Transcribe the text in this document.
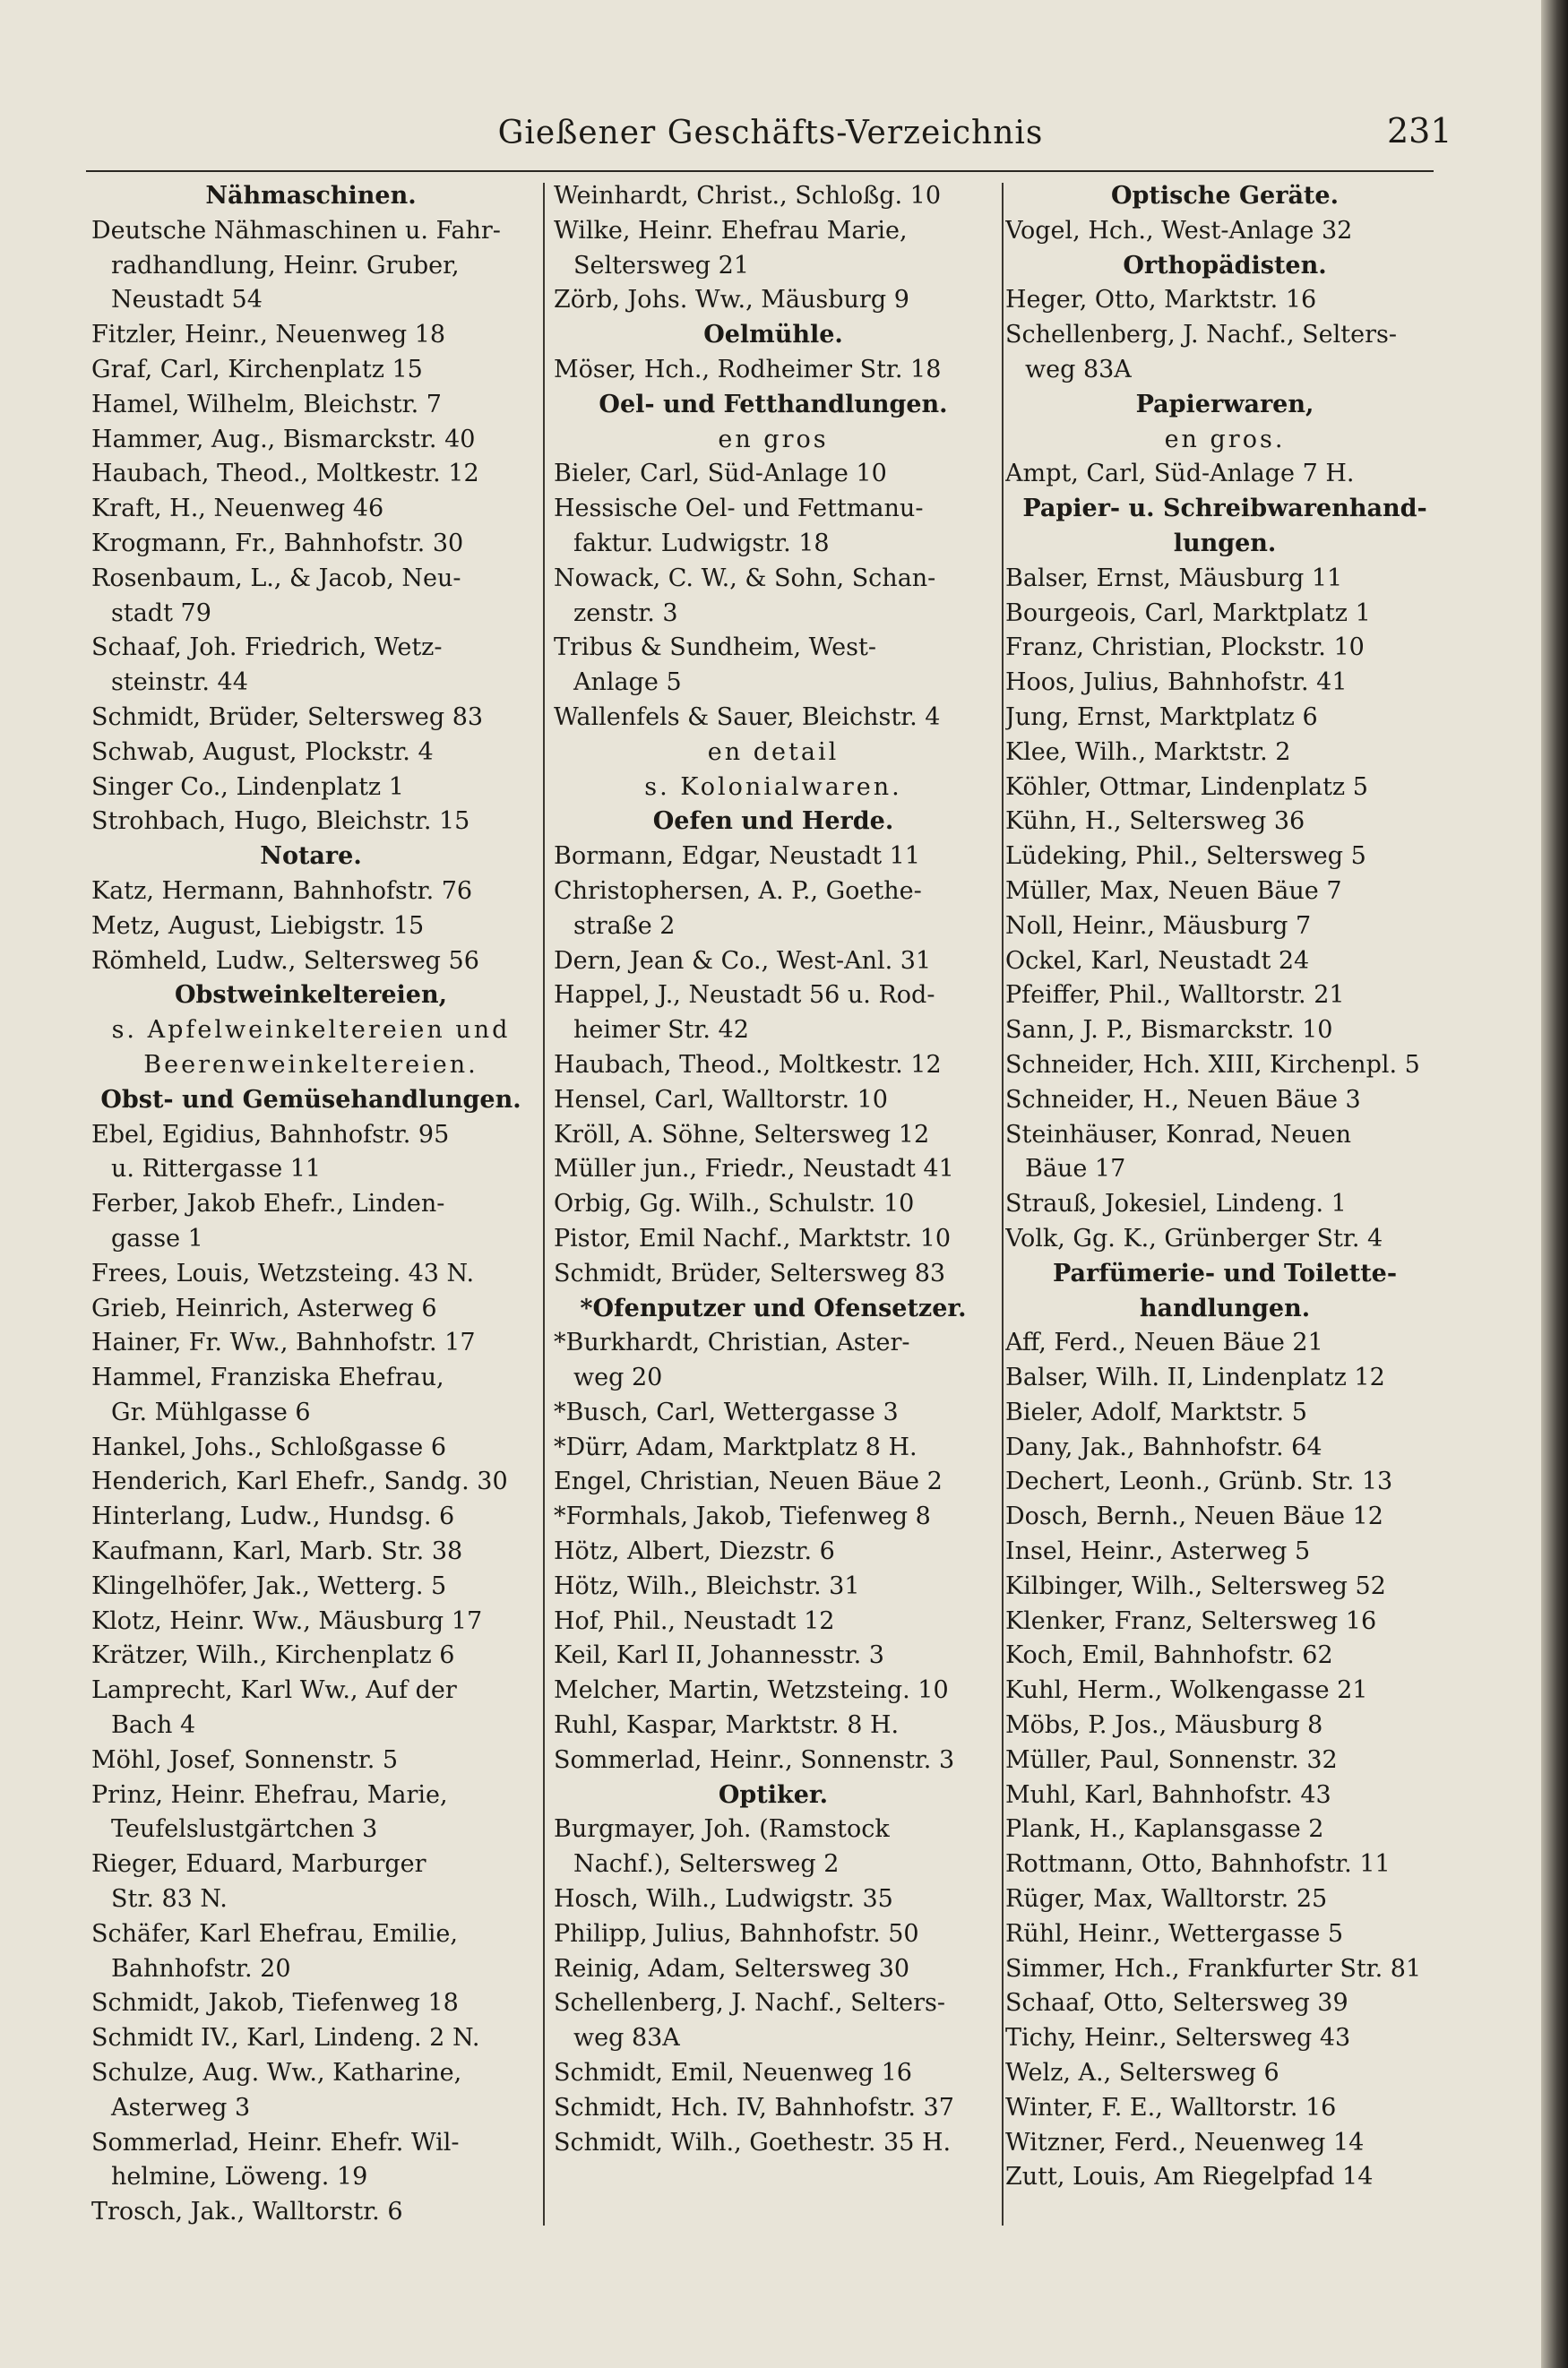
Gießener Geschäfts-Verzeichnis	231
Nähmaschinen.
Deutsche Nähmaschinen u. Fahr-
radhandlung, Heinr. Gruber,
Neustadt 54
Fitzler, Heinr., Neuenweg 18
Graf, Carl, Kirchenplatz 15
Hamel, Wilhelm, Bleichstr. 7
Hammer, Aug., Bismarckstr. 40
Haubach, Theod., Moltkestr. 12
Kraft, H., Neuenweg 46
Krogmann, Fr., Bahnhofstr. 30
Rosenbaum, L., & Jacob, Neu-
stadt 79
Schaaf, Joh. Friedrich, Wetz-
steinstr. 44
Schmidt, Brüder, Seltersweg 83
Schwab, August, Plockstr. 4
Singer Co., Lindenplatz 1
Strohbach, Hugo, Bleichstr. 15
Notare.
Katz, Hermann, Bahnhofstr. 76
Metz, August, Liebigstr. 15
Römheld, Ludw., Seltersweg 56
Obstweinkeltereien,
s. Apfelweinkeltereien und
Beerenweinkeltereien.
Obst- und Gemüsehandlungen.
Ebel, Egidius, Bahnhofstr. 95
u. Rittergasse 11
Ferber, Jakob Ehefr., Linden-
gasse 1
Frees, Louis, Wetzsteing. 43 N.
Grieb, Heinrich, Asterweg 6
Hainer, Fr. Ww., Bahnhofstr. 17
Hammel, Franziska Ehefrau,
Gr. Mühlgasse 6
Hankel, Johs., Schloßgasse 6
Henderich, Karl Ehefr., Sandg. 30
Hinterlang, Ludw., Hundsg. 6
Kaufmann, Karl, Marb. Str. 38
Klingelhöfer, Jak., Wetterg. 5
Klotz, Heinr. Ww., Mäusburg 17
Krätzer, Wilh., Kirchenplatz 6
Lamprecht, Karl Ww., Auf der
Bach 4
Möhl, Josef, Sonnenstr. 5
Prinz, Heinr. Ehefrau, Marie,
Teufelslustgärtchen 3
Rieger, Eduard, Marburger
Str. 83 N.
Schäfer, Karl Ehefrau, Emilie,
Bahnhofstr. 20
Schmidt, Jakob, Tiefenweg 18
Schmidt IV., Karl, Lindeng. 2 N.
Schulze, Aug. Ww., Katharine,
Asterweg 3
Sommerlad, Heinr. Ehefr. Wil-
helmine, Löweng. 19
Trosch, Jak., Walltorstr. 6
Weinhardt, Christ., Schloßg. 10
Wilke, Heinr. Ehefrau Marie,
Seltersweg 21
Zörb, Johs. Ww., Mäusburg 9
Oelmühle.
Möser, Hch., Rodheimer Str. 18
Oel- und Fetthandlungen.
en gros
Bieler, Carl, Süd-Anlage 10
Hessische Oel- und Fettmanu-
faktur. Ludwigstr. 18
Nowack, C. W., & Sohn, Schan-
zenstr. 3
Tribus & Sundheim, West-
Anlage 5
Wallenfels & Sauer, Bleichstr. 4
en detail
s. Kolonialwaren.
Oefen und Herde.
Bormann, Edgar, Neustadt 11
Christophersen, A. P., Goethe-
straße 2
Dern, Jean & Co., West-Anl. 31
Happel, J., Neustadt 56 u. Rod-
heimer Str. 42
Haubach, Theod., Moltkestr. 12
Hensel, Carl, Walltorstr. 10
Kröll, A. Söhne, Seltersweg 12
Müller jun., Friedr., Neustadt 41
Orbig, Gg. Wilh., Schulstr. 10
Pistor, Emil Nachf., Marktstr. 10
Schmidt, Brüder, Seltersweg 83
*Ofenputzer und Ofensetzer.
*Burkhardt, Christian, Aster-
weg 20
*Busch, Carl, Wettergasse 3
*Dürr, Adam, Marktplatz 8 H.
Engel, Christian, Neuen Bäue 2
*Formhals, Jakob, Tiefenweg 8
Hötz, Albert, Diezstr. 6
Hötz, Wilh., Bleichstr. 31
Hof, Phil., Neustadt 12
Keil, Karl II, Johannesstr. 3
Melcher, Martin, Wetzsteing. 10
Ruhl, Kaspar, Marktstr. 8 H.
Sommerlad, Heinr., Sonnenstr. 3
Optiker.
Burgmayer, Joh. (Ramstock
Nachf.), Seltersweg 2
Hosch, Wilh., Ludwigstr. 35
Philipp, Julius, Bahnhofstr. 50
Reinig, Adam, Seltersweg 30
Schellenberg, J. Nachf., Selters-
weg 83A
Schmidt, Emil, Neuenweg 16
Schmidt, Hch. IV, Bahnhofstr. 37
Schmidt, Wilh., Goethestr. 35 H.
Optische Geräte.
Vogel, Hch., West-Anlage 32
Orthopädisten.
Heger, Otto, Marktstr. 16
Schellenberg, J. Nachf., Selters-
weg 83A
Papierwaren,
en gros.
Ampt, Carl, Süd-Anlage 7 H.
Papier- u. Schreibwarenhand-
lungen.
Balser, Ernst, Mäusburg 11
Bourgeois, Carl, Marktplatz 1
Franz, Christian, Plockstr. 10
Hoos, Julius, Bahnhofstr. 41
Jung, Ernst, Marktplatz 6
Klee, Wilh., Marktstr. 2
Köhler, Ottmar, Lindenplatz 5
Kühn, H., Seltersweg 36
Lüdeking, Phil., Seltersweg 5
Müller, Max, Neuen Bäue 7
Noll, Heinr., Mäusburg 7
Ockel, Karl, Neustadt 24
Pfeiffer, Phil., Walltorstr. 21
Sann, J. P., Bismarckstr. 10
Schneider, Hch. XIII, Kirchenpl. 5
Schneider, H., Neuen Bäue 3
Steinhäuser, Konrad, Neuen
Bäue 17
Strauß, Jokesiel, Lindeng. 1
Volk, Gg. K., Grünberger Str. 4
Parfümerie- und Toilette-
handlungen.
Aff, Ferd., Neuen Bäue 21
Balser, Wilh. II, Lindenplatz 12
Bieler, Adolf, Marktstr. 5
Dany, Jak., Bahnhofstr. 64
Dechert, Leonh., Grünb. Str. 13
Dosch, Bernh., Neuen Bäue 12
Insel, Heinr., Asterweg 5
Kilbinger, Wilh., Seltersweg 52
Klenker, Franz, Seltersweg 16
Koch, Emil, Bahnhofstr. 62
Kuhl, Herm., Wolkengasse 21
Möbs, P. Jos., Mäusburg 8
Müller, Paul, Sonnenstr. 32
Muhl, Karl, Bahnhofstr. 43
Plank, H., Kaplansgasse 2
Rottmann, Otto, Bahnhofstr. 11
Rüger, Max, Walltorstr. 25
Rühl, Heinr., Wettergasse 5
Simmer, Hch., Frankfurter Str. 81
Schaaf, Otto, Seltersweg 39
Tichy, Heinr., Seltersweg 43
Welz, A., Seltersweg 6
Winter, F. E., Walltorstr. 16
Witzner, Ferd., Neuenweg 14
Zutt, Louis, Am Riegelpfad 14
